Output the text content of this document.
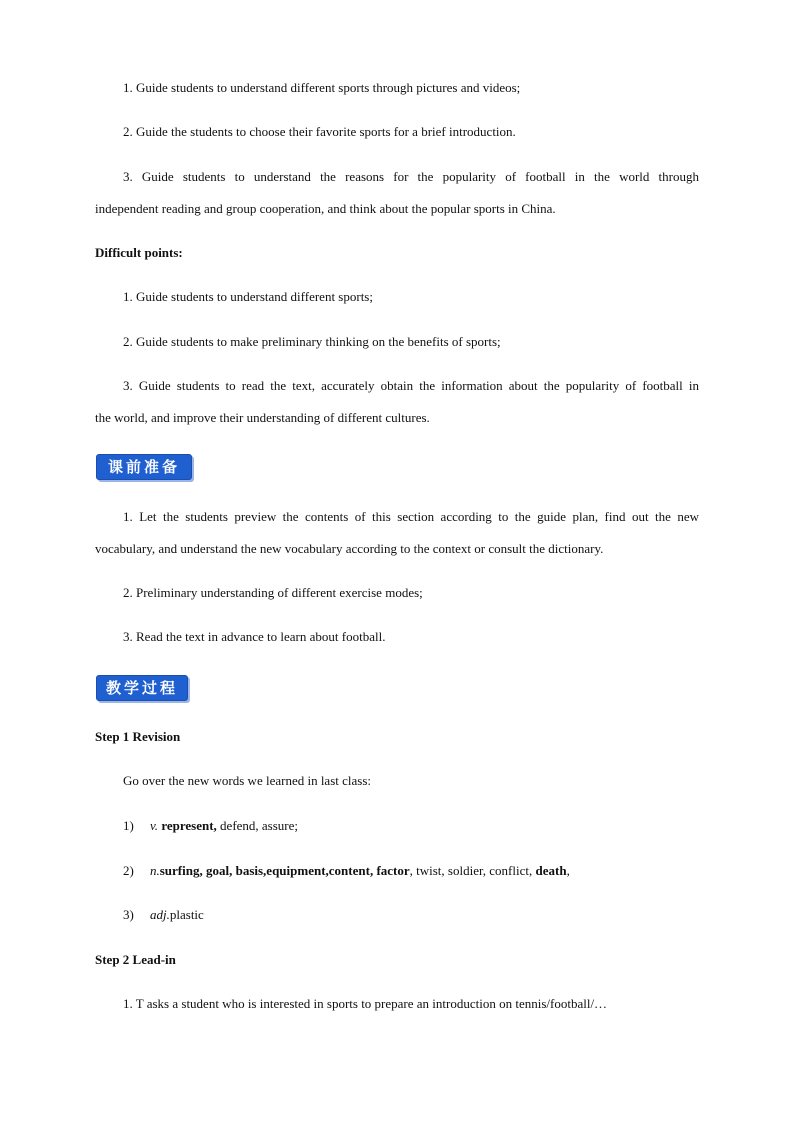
1. Guide students to understand different sports through pictures and videos;
2. Guide the students to choose their favorite sports for a brief introduction.
3. Guide students to understand the reasons for the popularity of football in the world through
independent reading and group cooperation, and think about the popular sports in China.
Difficult points:
1. Guide students to understand different sports;
2. Guide students to make preliminary thinking on the benefits of sports;
3. Guide students to read the text, accurately obtain the information about the popularity of football in
the world, and improve their understanding of different cultures.
课前准备
1. Let the students preview the contents of this section according to the guide plan, find out the new
vocabulary, and understand the new vocabulary according to the context or consult the dictionary.
2. Preliminary understanding of different exercise modes;
3. Read the text in advance to learn about football.
教学过程
Step 1 Revision
Go over the new words we learned in last class:
1) v. represent, defend, assure;
2) n.surfing, goal, basis,equipment,content, factor, twist, soldier, conflict, death,
3) adj.plastic
Step 2 Lead-in
1. T asks a student who is interested in sports to prepare an introduction on tennis/football/…
